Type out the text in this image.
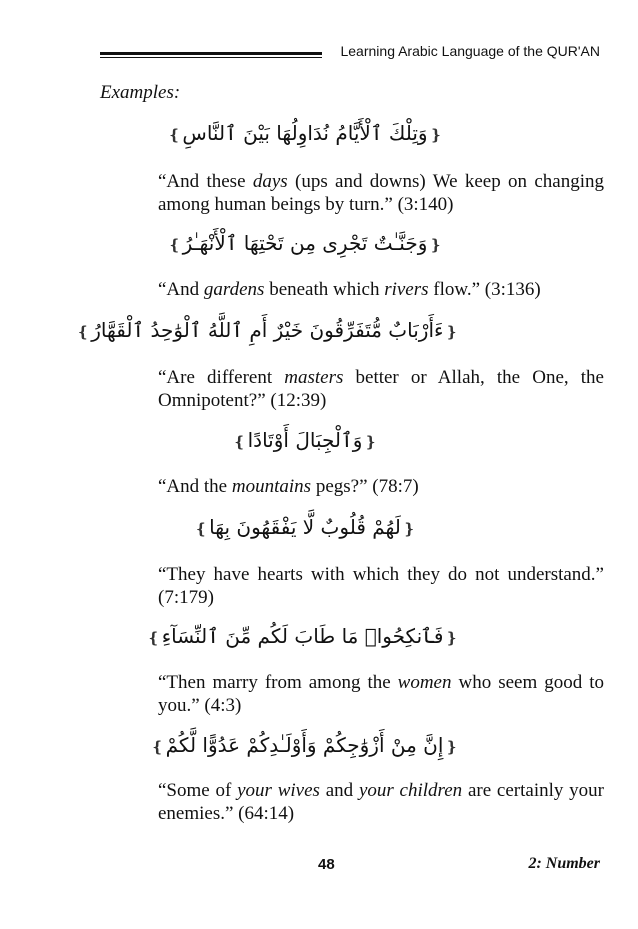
Learning Arabic Language of the QUR'AN
Examples:
❴وَتِلْكَ ٱلْأَيَّامُ نُدَاوِلُهَا بَيْنَ ٱلنَّاسِ❵
“And these days (ups and downs) We keep on changing among human beings by turn.” (3:140)
❴وَجَنَّـٰتٌ تَجْرِى مِن تَحْتِهَا ٱلْأَنْهَـٰرُ❵
“And gardens beneath which rivers flow.” (3:136)
❴ءَأَرْبَابٌ مُّتَفَرِّقُونَ خَيْرٌ أَمِ ٱللَّهُ ٱلْوَٰحِدُ ٱلْقَهَّارُ❵
“Are different masters better or Allah, the One, the Omnipotent?” (12:39)
❴وَٱلْجِبَالَ أَوْتَادًا❵
“And the mountains pegs?” (78:7)
❴لَهُمْ قُلُوبٌ لَّا يَفْقَهُونَ بِهَا❵
“They have hearts with which they do not understand.” (7:179)
❴فَٱنكِحُوا۟ مَا طَابَ لَكُم مِّنَ ٱلنِّسَآءِ❵
“Then marry from among the women who seem good to you.” (4:3)
❴إِنَّ مِنْ أَزْوَٰجِكُمْ وَأَوْلَـٰدِكُمْ عَدُوًّا لَّكُمْ❵
“Some of your wives and your children are certainly your enemies.” (64:14)
48	2: Number
